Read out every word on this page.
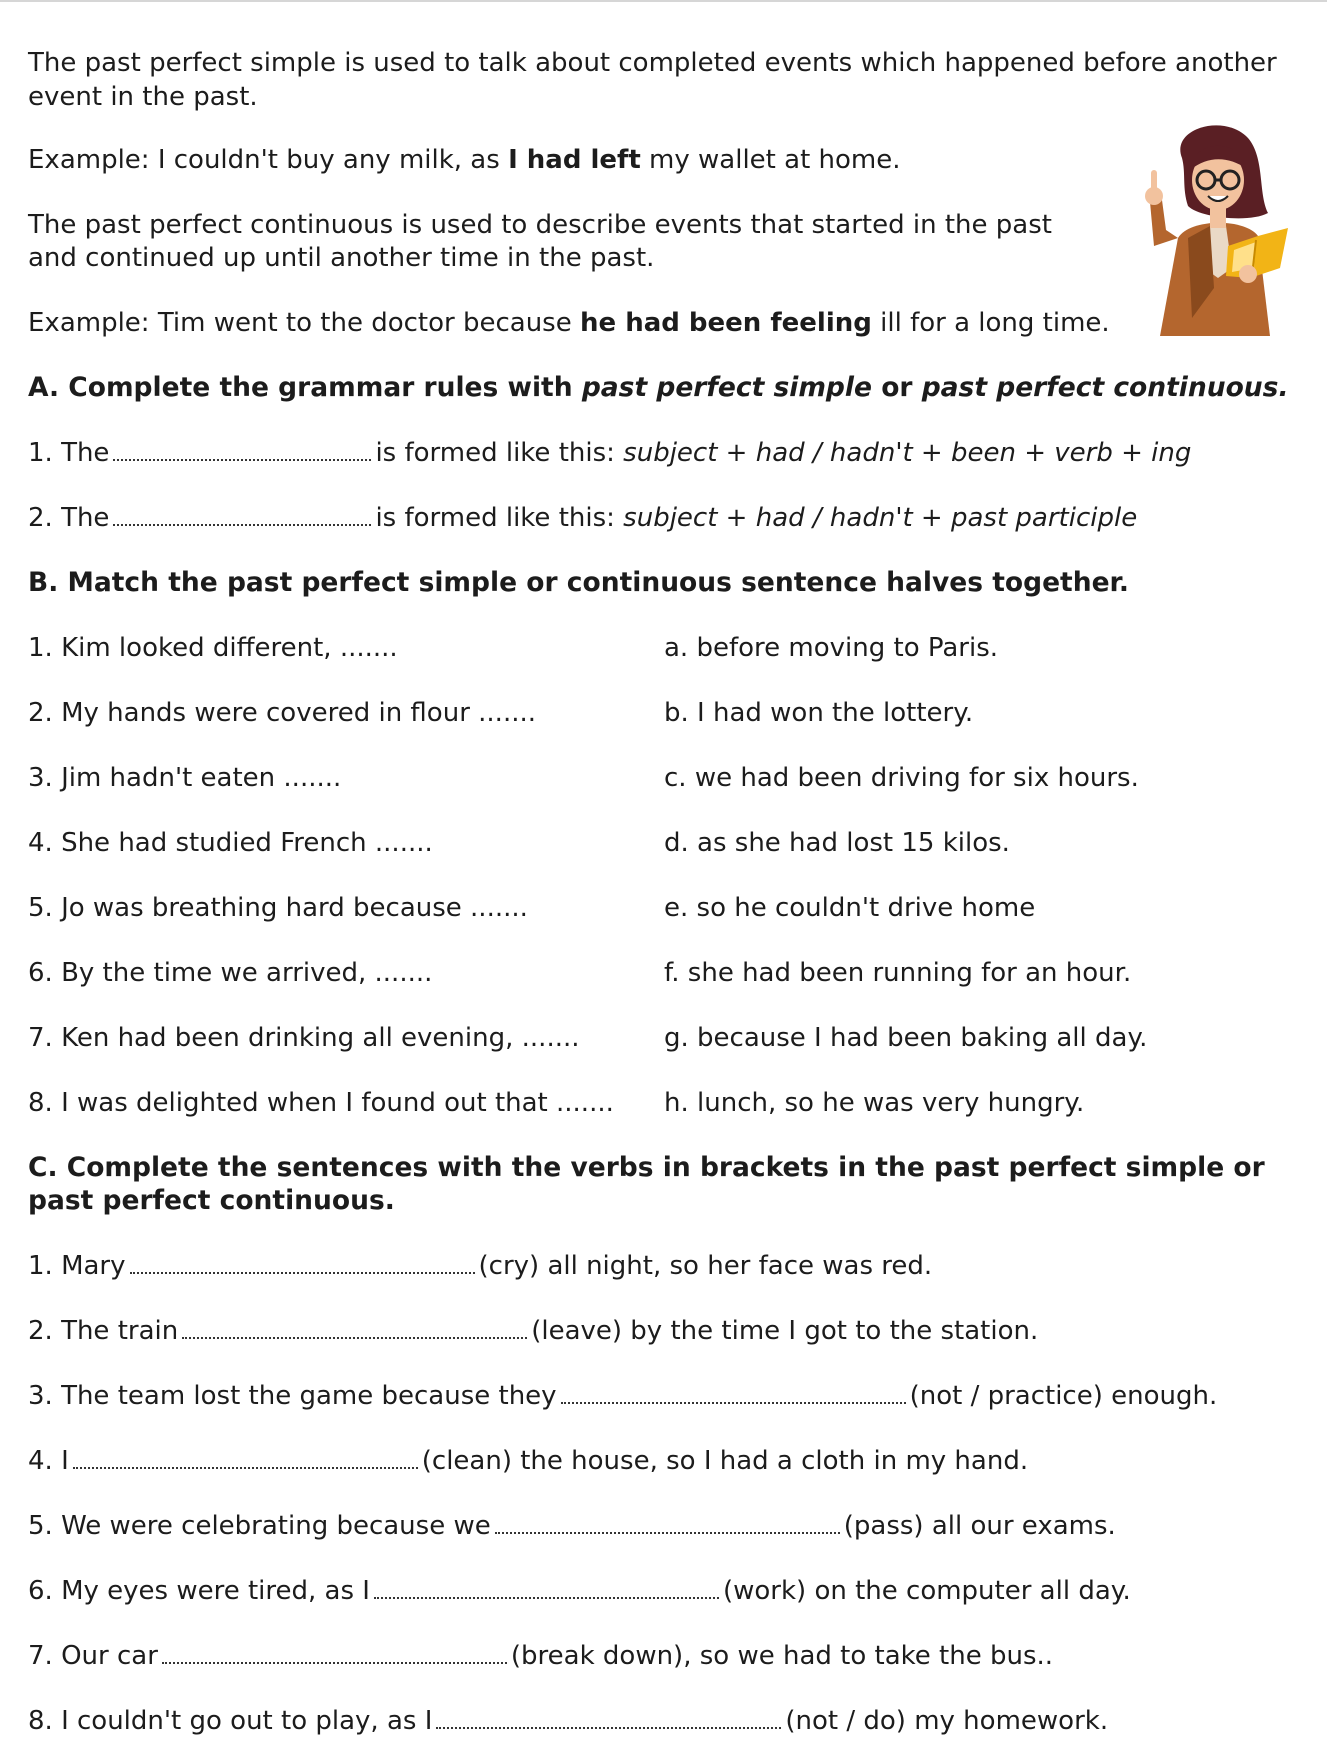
The past perfect simple is used to talk about completed events which happened before another
event in the past.
Example: I couldn't buy any milk, as I had left my wallet at home.
The past perfect continuous is used to describe events that started in the past
and continued up until another time in the past.
Example: Tim went to the doctor because he had been feeling ill for a long time.
A. Complete the grammar rules with past perfect simple or past perfect continuous.
1. The	is formed like this: subject + had / hadn't + been + verb + ing
2. The	is formed like this: subject + had / hadn't + past participle
B. Match the past perfect simple or continuous sentence halves together.
1. Kim looked different, .......	a. before moving to Paris.
2. My hands were covered in flour .......	b. I had won the lottery.
3. Jim hadn't eaten .......	c. we had been driving for six hours.
4. She had studied French .......	d. as she had lost 15 kilos.
5. Jo was breathing hard because .......	e. so he couldn't drive home
6. By the time we arrived, .......	f. she had been running for an hour.
7. Ken had been drinking all evening, .......	g. because I had been baking all day.
8. I was delighted when I found out that ....... h. lunch, so he was very hungry.
C. Complete the sentences with the verbs in brackets in the past perfect simple or
past perfect continuous.
1. Mary	(cry) all night, so her face was red.
2. The train	(leave) by the time I got to the station.
3. The team lost the game because they	(not / practice) enough.
4. I	(clean) the house, so I had a cloth in my hand.
5. We were celebrating because we	(pass) all our exams.
6. My eyes were tired, as I	(work) on the computer all day.
7. Our car	(break down), so we had to take the bus..
8. I couldn't go out to play, as I	(not / do) my homework.
